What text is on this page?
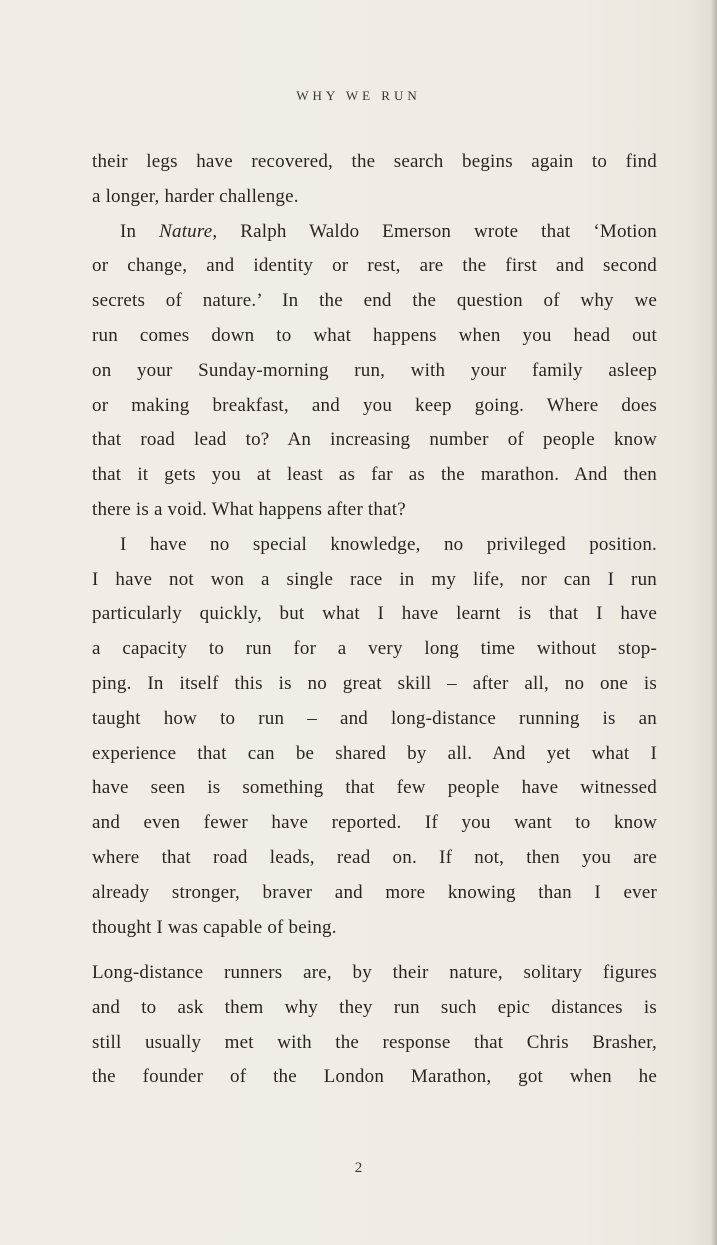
WHY WE RUN
their legs have recovered, the search begins again to find
a longer, harder challenge.
In Nature, Ralph Waldo Emerson wrote that ‘Motion
or change, and identity or rest, are the first and second
secrets of nature.’ In the end the question of why we
run comes down to what happens when you head out
on your Sunday-morning run, with your family asleep
or making breakfast, and you keep going. Where does
that road lead to? An increasing number of people know
that it gets you at least as far as the marathon. And then
there is a void. What happens after that?
I have no special knowledge, no privileged position.
I have not won a single race in my life, nor can I run
particularly quickly, but what I have learnt is that I have
a capacity to run for a very long time without stop-
ping. In itself this is no great skill – after all, no one is
taught how to run – and long-distance running is an
experience that can be shared by all. And yet what I
have seen is something that few people have witnessed
and even fewer have reported. If you want to know
where that road leads, read on. If not, then you are
already stronger, braver and more knowing than I ever
thought I was capable of being.
Long-distance runners are, by their nature, solitary figures
and to ask them why they run such epic distances is
still usually met with the response that Chris Brasher,
the founder of the London Marathon, got when he
2
